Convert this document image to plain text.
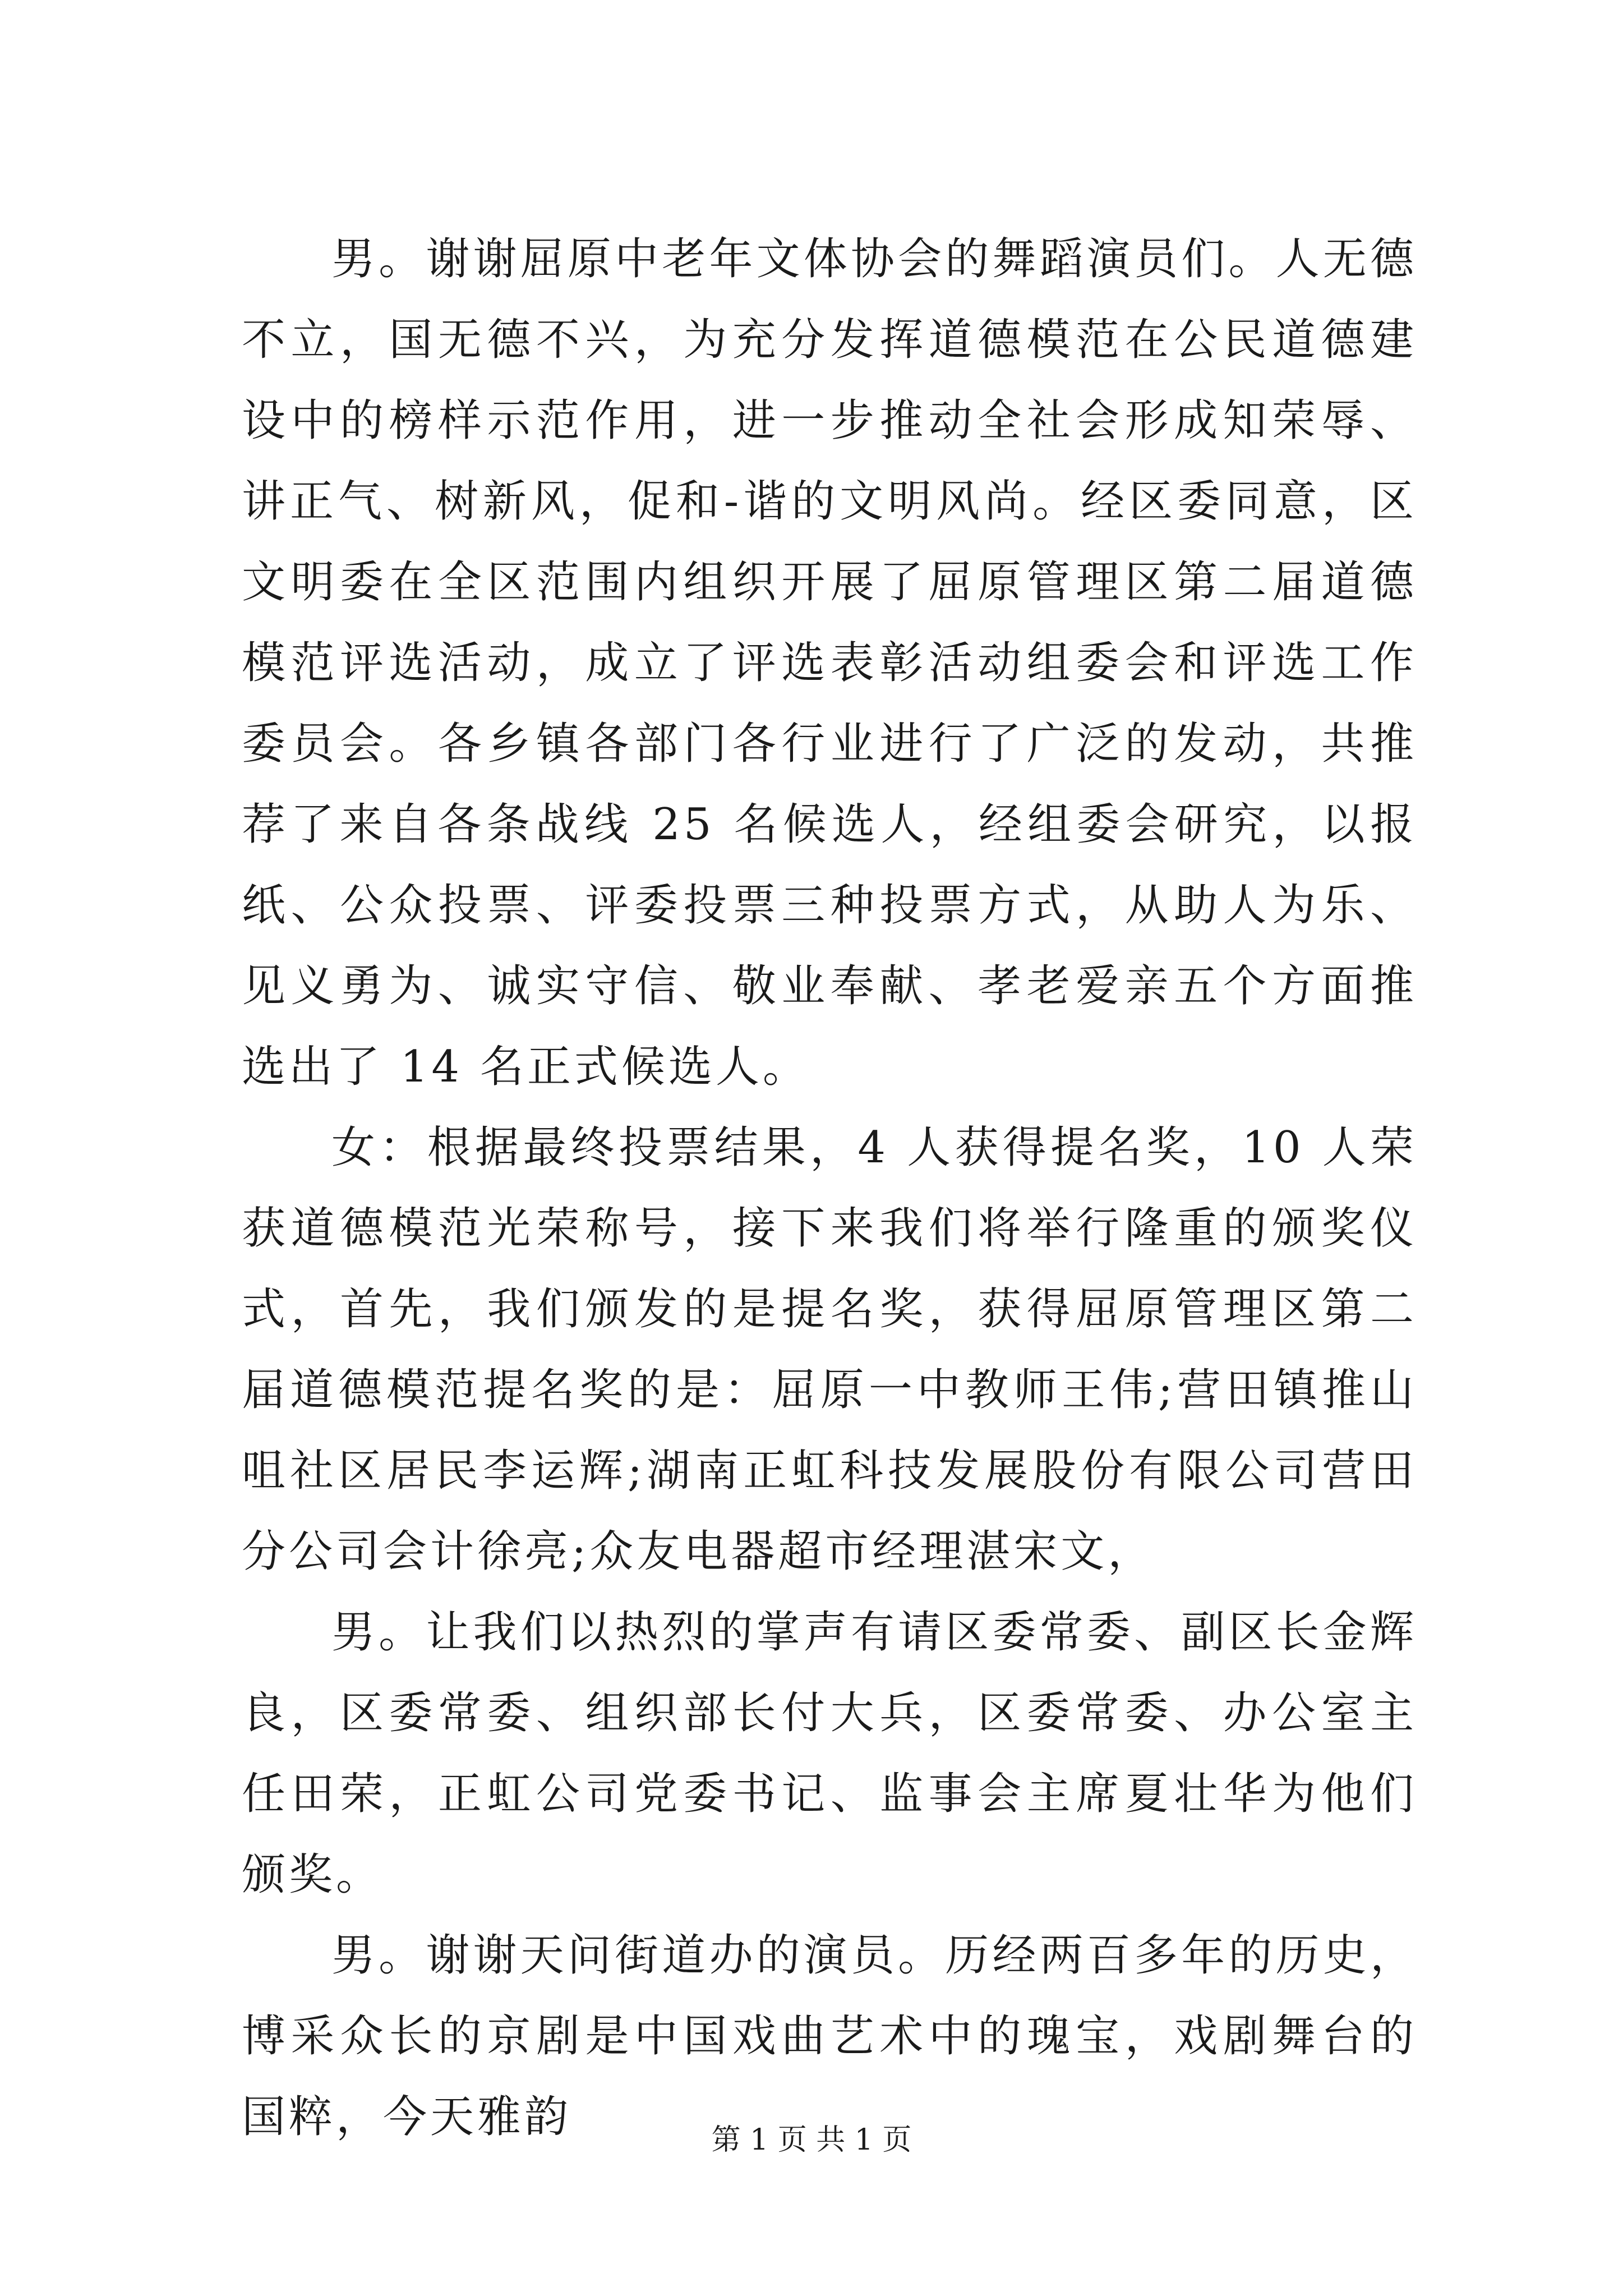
男。谢谢屈原中老年文体协会的舞蹈演员们。人无德不立，国无德不兴，为充分发挥道德模范在公民道德建设中的榜样示范作用，进一步推动全社会形成知荣辱、讲正气、树新风，促和-谐的文明风尚。经区委同意，区文明委在全区范围内组织开展了屈原管理区第二届道德模范评选活动，成立了评选表彰活动组委会和评选工作委员会。各乡镇各部门各行业进行了广泛的发动，共推荐了来自各条战线 25 名候选人，经组委会研究，以报纸、公众投票、评委投票三种投票方式，从助人为乐、见义勇为、诚实守信、敬业奉献、孝老爱亲五个方面推选出了 14 名正式候选人。

女：根据最终投票结果，4 人获得提名奖，10 人荣获道德模范光荣称号，接下来我们将举行隆重的颁奖仪式，首先，我们颁发的是提名奖，获得屈原管理区第二届道德模范提名奖的是：屈原一中教师王伟;营田镇推山咀社区居民李运辉;湖南正虹科技发展股份有限公司营田分公司会计徐亮;众友电器超市经理湛宋文，

男。让我们以热烈的掌声有请区委常委、副区长金辉良，区委常委、组织部长付大兵，区委常委、办公室主任田荣，正虹公司党委书记、监事会主席夏壮华为他们颁奖。

男。谢谢天问街道办的演员。历经两百多年的历史，博采众长的京剧是中国戏曲艺术中的瑰宝，戏剧舞台的国粹，今天雅韵	第 1 页 共 1 页
